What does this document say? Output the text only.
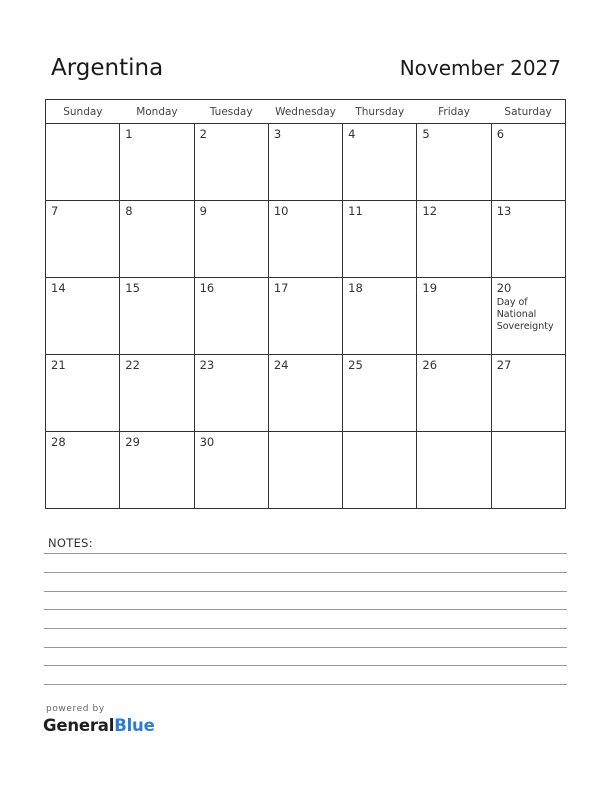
Argentina	November 2027
Sunday	Monday	Tuesday	Wednesday	Thursday	Friday	Saturday

	1	2	3	4	5	6

7	8	9	10	11	12	13

14	15	16	17	18	19	20
Day of National Sovereignty

21	22	23	24	25	26	27

28	29	30				

NOTES:
powered by
GeneralBlue
